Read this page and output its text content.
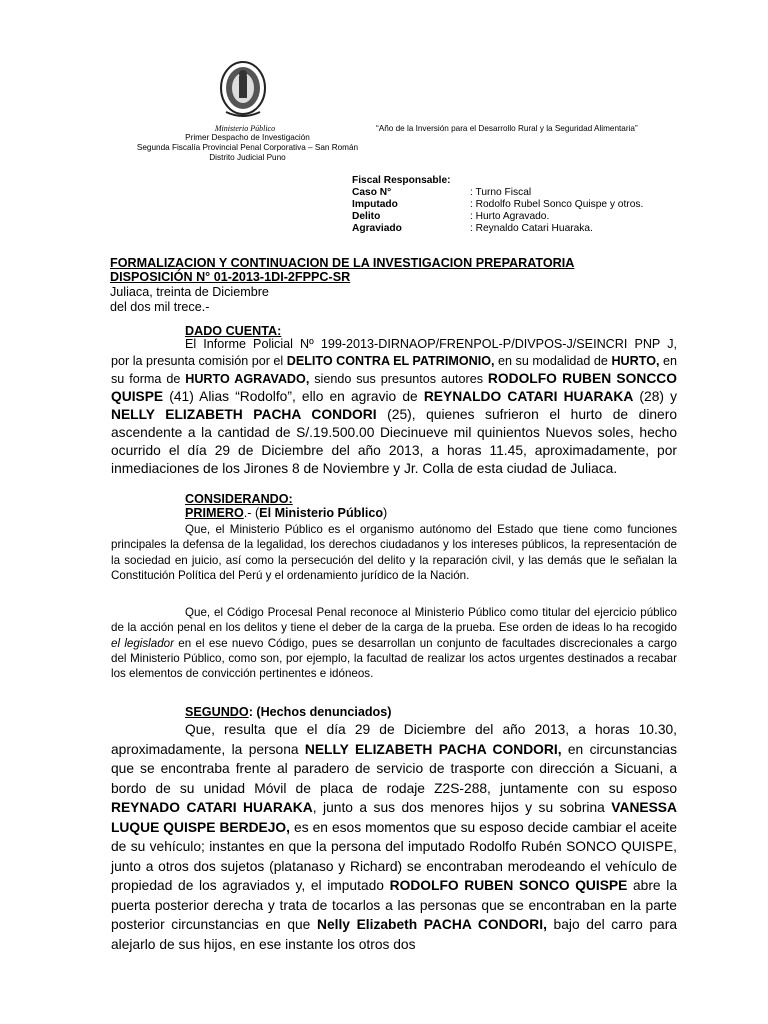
Ministerio Público
Primer Despacho de Investigación
Segunda Fiscalía Provincial Penal Corporativa – San Román
Distrito Judicial Puno
“Año de la Inversión para el Desarrollo Rural y la Seguridad Alimentaria”
Fiscal Responsable:
Caso N°	: Turno Fiscal
Imputado	: Rodolfo Rubel Sonco Quispe y otros.
Delito	: Hurto Agravado.
Agraviado	: Reynaldo Catari Huaraka.
FORMALIZACION Y CONTINUACION DE LA INVESTIGACION PREPARATORIA
DISPOSICIÓN N° 01-2013-1DI-2FPPC-SR
Juliaca, treinta de Diciembre
del dos mil trece.-
DADO CUENTA:
El Informe Policial Nº 199-2013-DIRNAOP/FRENPOL-P/DIVPOS-J/SEINCRI PNP J, por la presunta comisión por el DELITO CONTRA EL PATRIMONIO, en su modalidad de HURTO, en su forma de HURTO AGRAVADO, siendo sus presuntos autores RODOLFO RUBEN SONCCO QUISPE (41) Alias “Rodolfo”, ello en agravio de REYNALDO CATARI HUARAKA (28) y NELLY ELIZABETH PACHA CONDORI (25), quienes sufrieron el hurto de dinero ascendente a la cantidad de S/.19.500.00 Diecinueve mil quinientos Nuevos soles, hecho ocurrido el día 29 de Diciembre del año 2013, a horas 11.45, aproximadamente, por inmediaciones de los Jirones 8 de Noviembre y Jr. Colla de esta ciudad de Juliaca.
CONSIDERANDO:
PRIMERO.- (El Ministerio Público)
Que, el Ministerio Público es el organismo autónomo del Estado que tiene como funciones principales la defensa de la legalidad, los derechos ciudadanos y los intereses públicos, la representación de la sociedad en juicio, así como la persecución del delito y la reparación civil, y las demás que le señalan la Constitución Política del Perú y el ordenamiento jurídico de la Nación.
Que, el Código Procesal Penal reconoce al Ministerio Público como titular del ejercicio público de la acción penal en los delitos y tiene el deber de la carga de la prueba. Ese orden de ideas lo ha recogido el legislador en el ese nuevo Código, pues se desarrollan un conjunto de facultades discrecionales a cargo del Ministerio Público, como son, por ejemplo, la facultad de realizar los actos urgentes destinados a recabar los elementos de convicción pertinentes e idóneos.
SEGUNDO: (Hechos denunciados)
Que, resulta que el día 29 de Diciembre del año 2013, a horas 10.30, aproximadamente, la persona NELLY ELIZABETH PACHA CONDORI, en circunstancias que se encontraba frente al paradero de servicio de trasporte con dirección a Sicuani, a bordo de su unidad Móvil de placa de rodaje Z2S-288, juntamente con su esposo REYNADO CATARI HUARAKA, junto a sus dos menores hijos y su sobrina VANESSA LUQUE QUISPE BERDEJO, es en esos momentos que su esposo decide cambiar el aceite de su vehículo; instantes en que la persona del imputado Rodolfo Rubén SONCO QUISPE, junto a otros dos sujetos (platanaso y Richard) se encontraban merodeando el vehículo de propiedad de los agraviados y, el imputado RODOLFO RUBEN SONCO QUISPE abre la puerta posterior derecha y trata de tocarlos a las personas que se encontraban en la parte posterior circunstancias en que Nelly Elizabeth PACHA CONDORI, bajo del carro para alejarlo de sus hijos, en ese instante los otros dos
